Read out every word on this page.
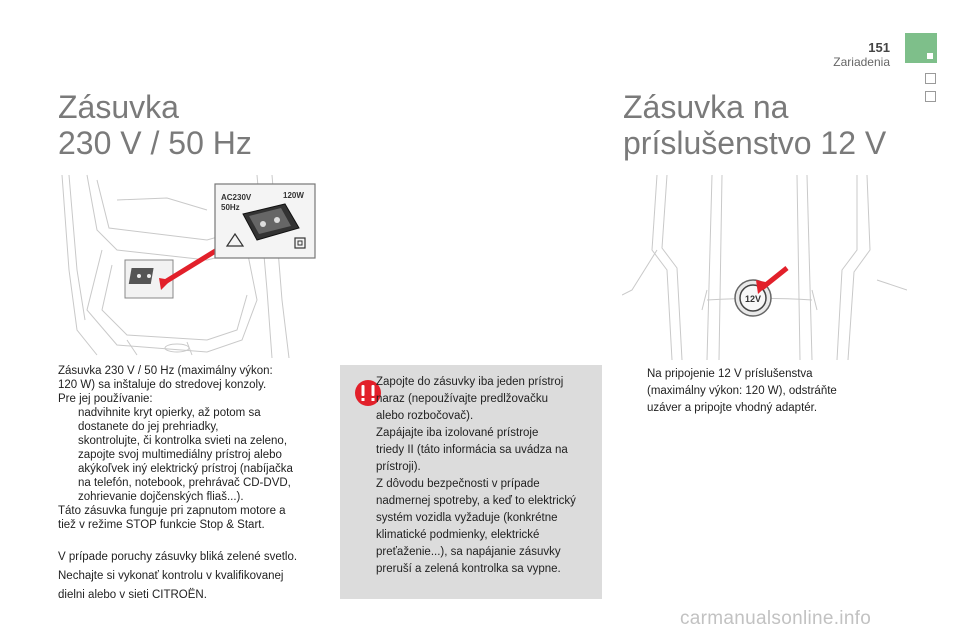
151
Zariadenia
Zásuvka
230 V / 50 Hz
Zásuvka na
príslušenstvo 12 V
AC230V
50Hz
120W
12V
Zásuvka 230 V / 50 Hz (maximálny výkon:
120 W) sa inštaluje do stredovej konzoly.
Pre jej používanie:
nadvihnite kryt opierky, až potom sa
dostanete do jej prehriadky,
skontrolujte, či kontrolka svieti na zeleno,
zapojte svoj multimediálny prístroj alebo
akýkoľvek iný elektrický prístroj (nabíjačka
na telefón, notebook, prehrávač CD-DVD,
zohrievanie dojčenských fliaš...).
Táto zásuvka funguje pri zapnutom motore a
tiež v režime STOP funkcie Stop & Start.
V prípade poruchy zásuvky bliká zelené svetlo.
Nechajte si vykonať kontrolu v kvalifikovanej
dielni alebo v sieti CITROËN.
Zapojte do zásuvky iba jeden prístroj
naraz (nepoužívajte predlžovačku
alebo rozbočovač).
Zapájajte iba izolované prístroje
triedy II (táto informácia sa uvádza na
prístroji).
Z dôvodu bezpečnosti v prípade
nadmernej spotreby, a keď to elektrický
systém vozidla vyžaduje (konkrétne
klimatické podmienky, elektrické
preťaženie...), sa napájanie zásuvky
preruší a zelená kontrolka sa vypne.
Na pripojenie 12 V príslušenstva
(maximálny výkon: 120 W), odstráňte
uzáver a pripojte vhodný adaptér.
carmanualsonline.info
